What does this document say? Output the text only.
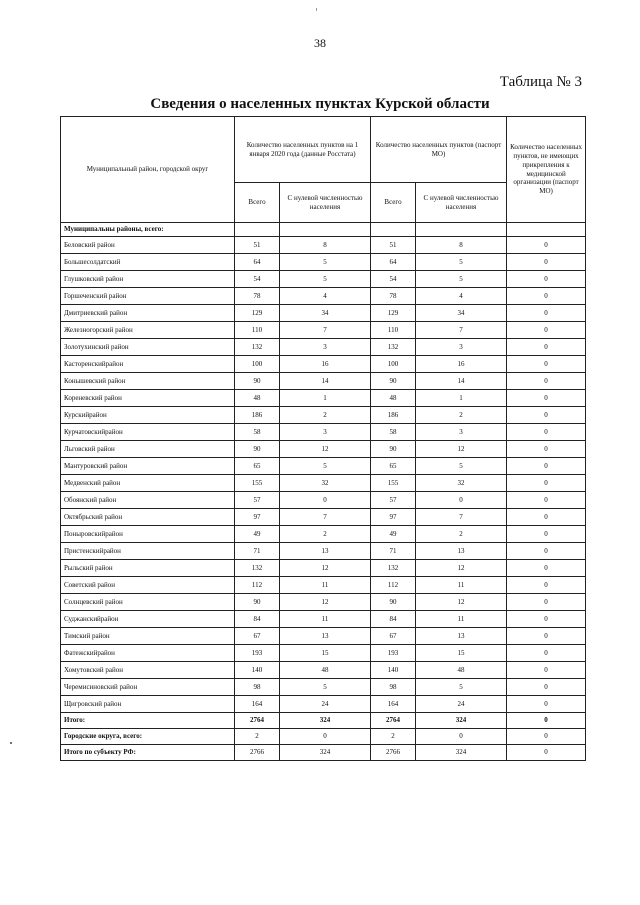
38
Таблица № 3
Сведения о населенных пунктах Курской области
Муниципальный район, городской округ	Количество населенных пунктов на 1 января 2020 года (данные Росстата)		Количество населенных пунктов (паспорт МО)		Количество населенных пунктов, не имеющих прикрепления к медицинской организации (паспорт МО)
	Всего	С нулевой численностью населения	Всего	С нулевой численностью населения	
Муниципальны районы, всего:					
Беловский район	51	8	51	8	0
Большесолдатский	64	5	64	5	0
Глушковский район	54	5	54	5	0
Горшеченский район	78	4	78	4	0
Дмитриевский район	129	34	129	34	0
Железногорский район	110	7	110	7	0
Золотухинский район	132	3	132	3	0
Касторенскийрайон	100	16	100	16	0
Конышевский район	90	14	90	14	0
Кореневский район	48	1	48	1	0
Курскийрайон	186	2	186	2	0
Курчатовскийрайон	58	3	58	3	0
Льговский район	90	12	90	12	0
Мантуровский район	65	5	65	5	0
Медвенский район	155	32	155	32	0
Обоянский район	57	0	57	0	0
Октябрьский район	97	7	97	7	0
Поныровскийрайон	49	2	49	2	0
Пристенскийрайон	71	13	71	13	0
Рыльский район	132	12	132	12	0
Советский район	112	11	112	11	0
Солнцевский район	90	12	90	12	0
Суджанскийрайон	84	11	84	11	0
Тимский район	67	13	67	13	0
Фатежскийрайон	193	15	193	15	0
Хомутовский район	140	48	140	48	0
Черемисиновский район	98	5	98	5	0
Щигровский район	164	24	164	24	0
Итого:	2764	324	2764	324	0
Городские округа, всего:	2	0	2	0	0
Итого по субъекту РФ:	2766	324	2766	324	0
